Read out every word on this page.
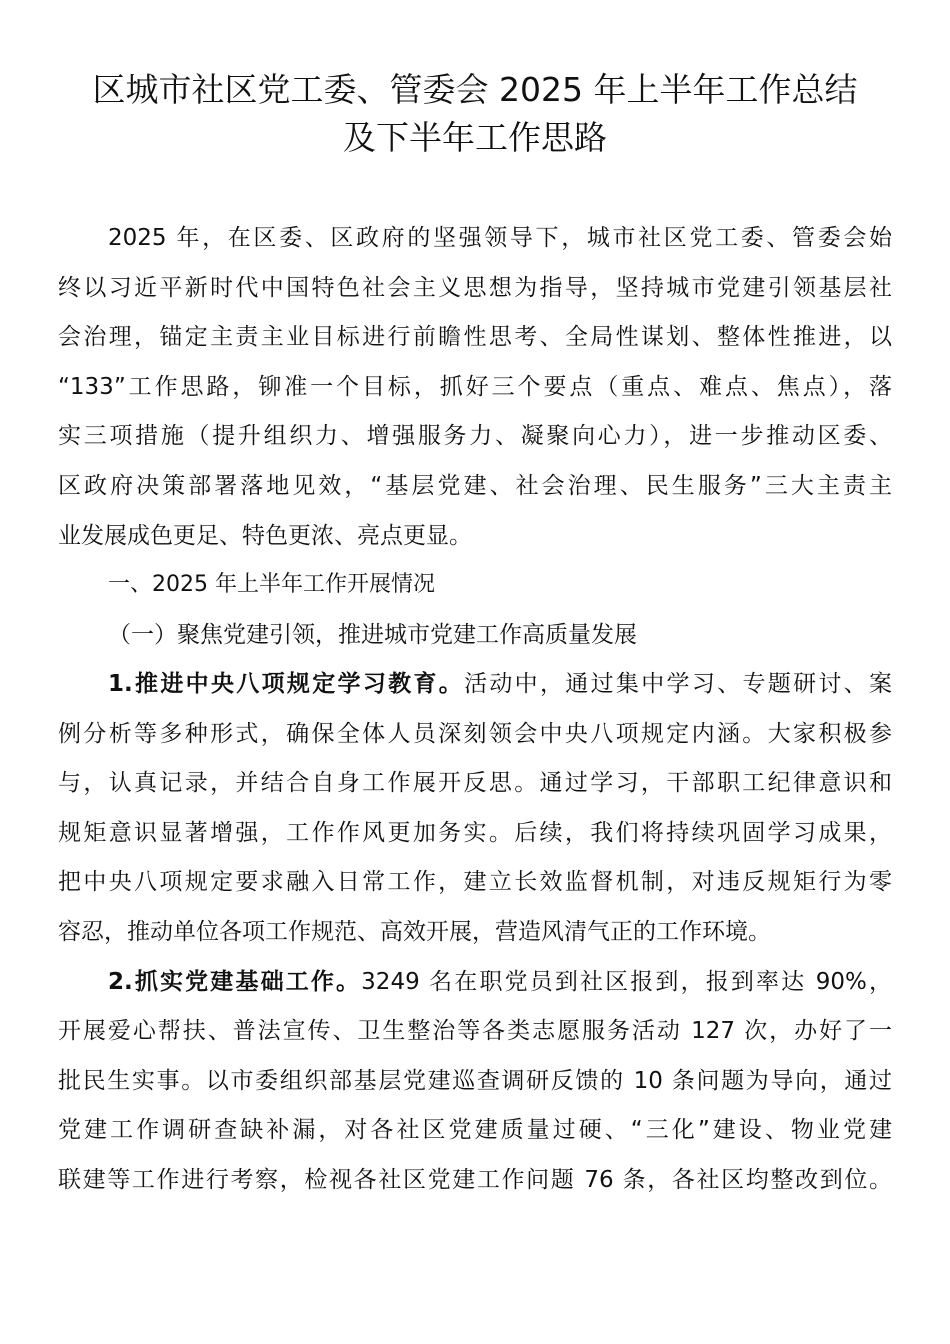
区城市社区党工委、管委会 2025 年上半年工作总结
及下半年工作思路
2025 年，在区委、区政府的坚强领导下，城市社区党工委、管委会始
终以习近平新时代中国特色社会主义思想为指导，坚持城市党建引领基层社
会治理，锚定主责主业目标进行前瞻性思考、全局性谋划、整体性推进，以
“133”工作思路，铆准一个目标，抓好三个要点（重点、难点、焦点），落
实三项措施（提升组织力、增强服务力、凝聚向心力），进一步推动区委、
区政府决策部署落地见效，“基层党建、社会治理、民生服务”三大主责主
业发展成色更足、特色更浓、亮点更显。
一、2025 年上半年工作开展情况
（一）聚焦党建引领，推进城市党建工作高质量发展
1.推进中央八项规定学习教育。活动中，通过集中学习、专题研讨、案
例分析等多种形式，确保全体人员深刻领会中央八项规定内涵。大家积极参
与，认真记录，并结合自身工作展开反思。通过学习，干部职工纪律意识和
规矩意识显著增强，工作作风更加务实。后续，我们将持续巩固学习成果，
把中央八项规定要求融入日常工作，建立长效监督机制，对违反规矩行为零
容忍，推动单位各项工作规范、高效开展，营造风清气正的工作环境。
2.抓实党建基础工作。3249 名在职党员到社区报到，报到率达 90%，
开展爱心帮扶、普法宣传、卫生整治等各类志愿服务活动 127 次，办好了一
批民生实事。以市委组织部基层党建巡查调研反馈的 10 条问题为导向，通过
党建工作调研查缺补漏，对各社区党建质量过硬、“三化”建设、物业党建
联建等工作进行考察，检视各社区党建工作问题 76 条，各社区均整改到位。
